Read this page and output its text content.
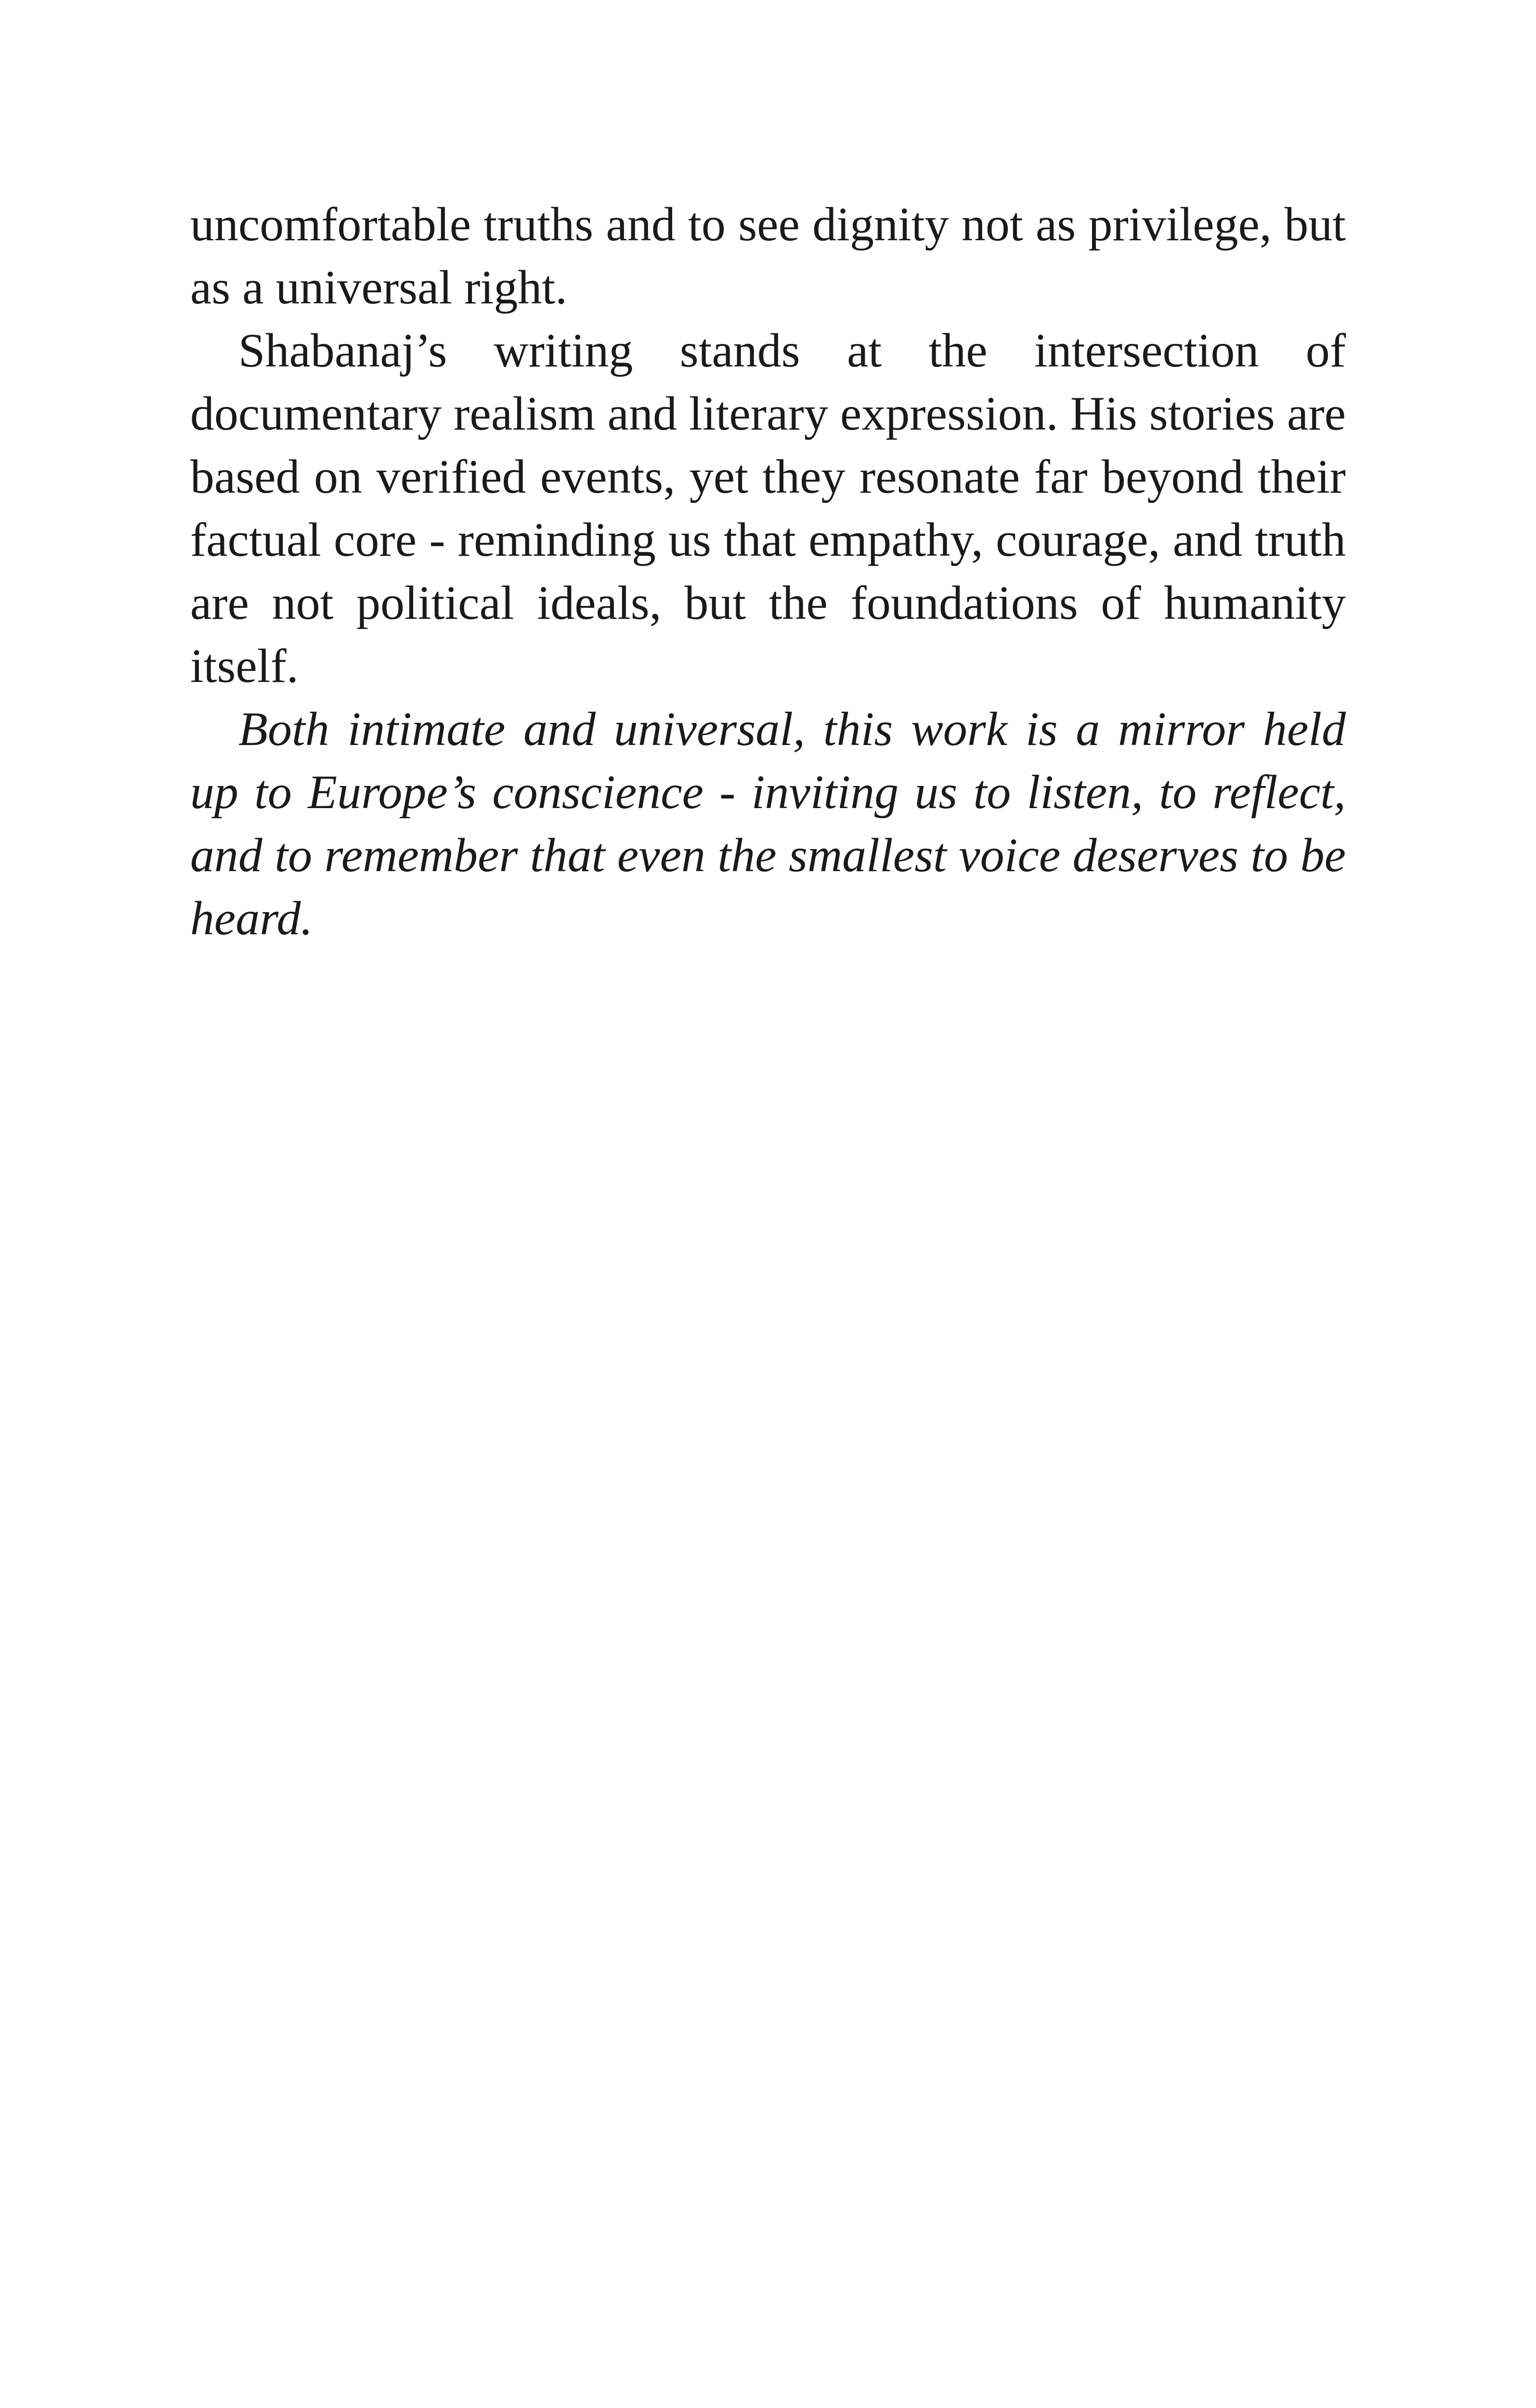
uncomfortable truths and to see dignity not as privilege, but as a universal right.

Shabanaj’s writing stands at the intersection of documentary realism and literary expression. His stories are based on verified events, yet they resonate far beyond their factual core - reminding us that empathy, courage, and truth are not political ideals, but the foundations of humanity itself.

Both intimate and universal, this work is a mirror held up to Europe’s conscience - inviting us to listen, to reflect, and to remember that even the smallest voice deserves to be heard.
